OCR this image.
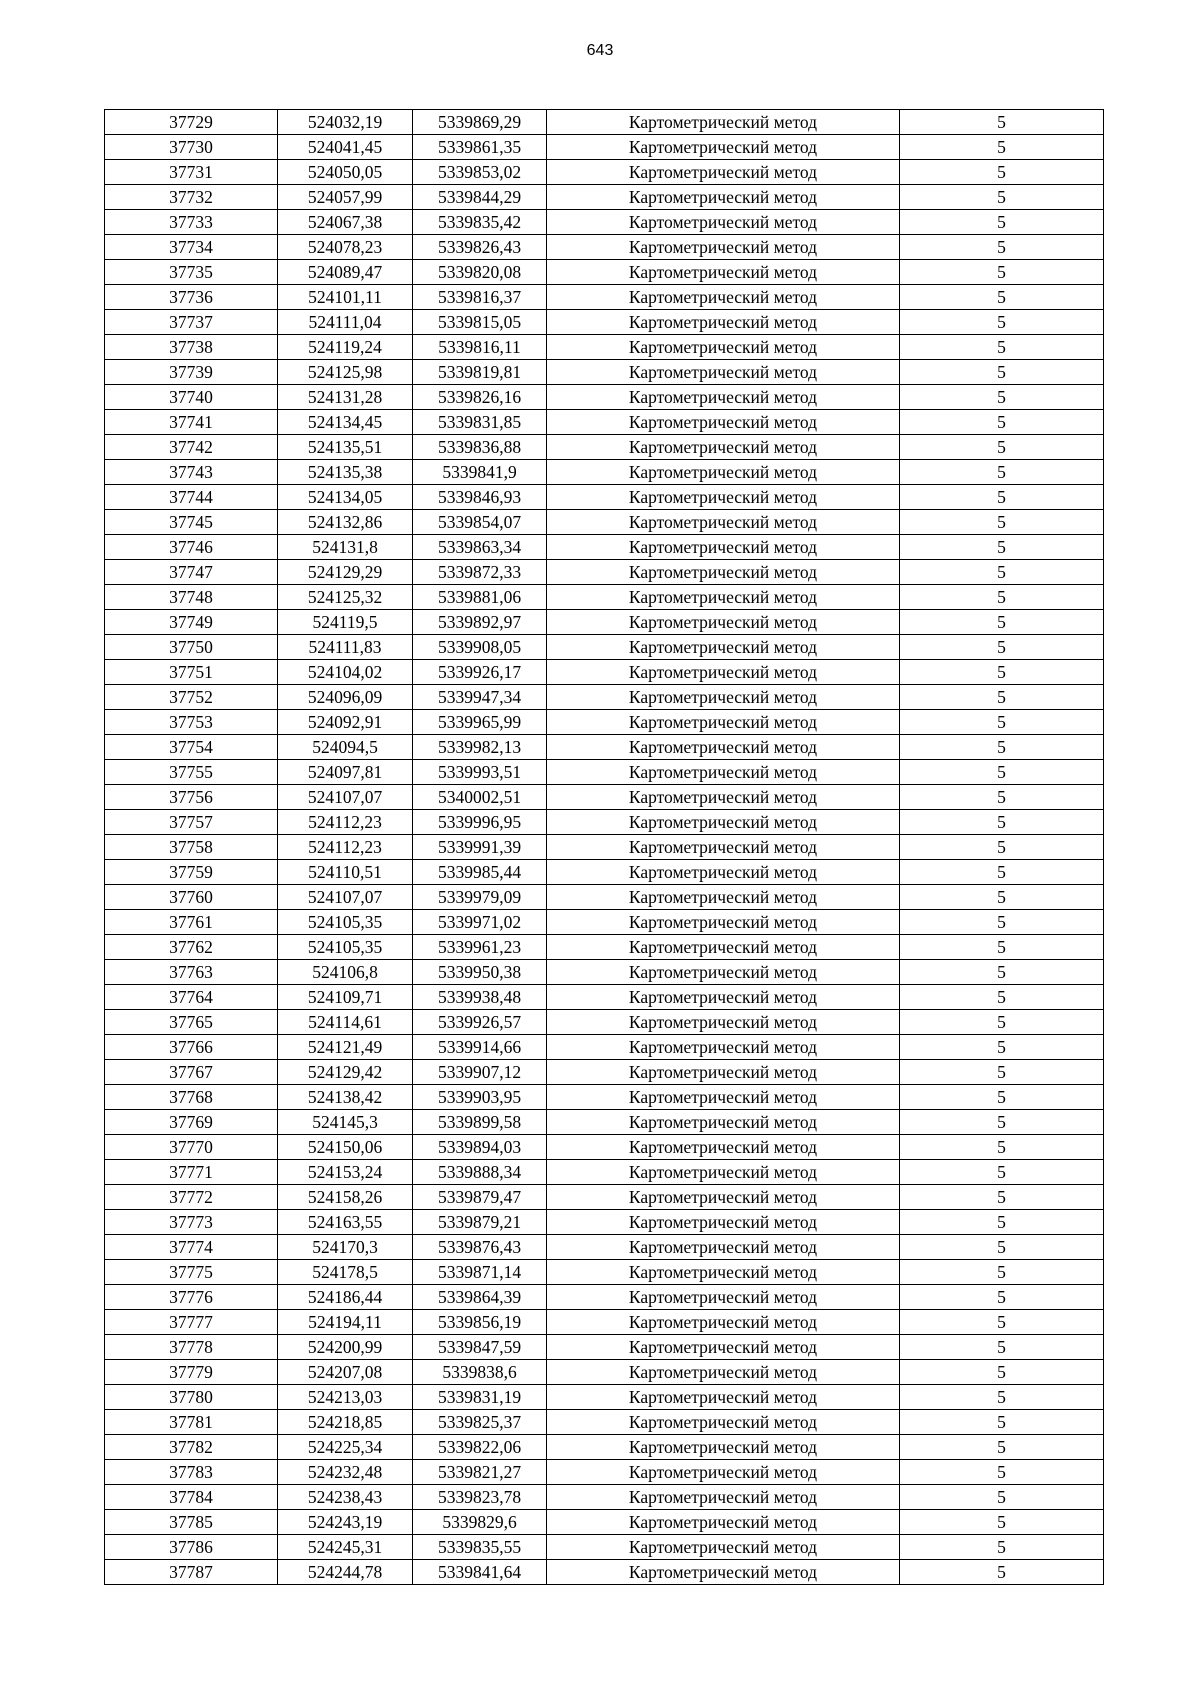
643
37729	524032,19	5339869,29	Картометрический метод	5
37730	524041,45	5339861,35	Картометрический метод	5
37731	524050,05	5339853,02	Картометрический метод	5
37732	524057,99	5339844,29	Картометрический метод	5
37733	524067,38	5339835,42	Картометрический метод	5
37734	524078,23	5339826,43	Картометрический метод	5
37735	524089,47	5339820,08	Картометрический метод	5
37736	524101,11	5339816,37	Картометрический метод	5
37737	524111,04	5339815,05	Картометрический метод	5
37738	524119,24	5339816,11	Картометрический метод	5
37739	524125,98	5339819,81	Картометрический метод	5
37740	524131,28	5339826,16	Картометрический метод	5
37741	524134,45	5339831,85	Картометрический метод	5
37742	524135,51	5339836,88	Картометрический метод	5
37743	524135,38	5339841,9	Картометрический метод	5
37744	524134,05	5339846,93	Картометрический метод	5
37745	524132,86	5339854,07	Картометрический метод	5
37746	524131,8	5339863,34	Картометрический метод	5
37747	524129,29	5339872,33	Картометрический метод	5
37748	524125,32	5339881,06	Картометрический метод	5
37749	524119,5	5339892,97	Картометрический метод	5
37750	524111,83	5339908,05	Картометрический метод	5
37751	524104,02	5339926,17	Картометрический метод	5
37752	524096,09	5339947,34	Картометрический метод	5
37753	524092,91	5339965,99	Картометрический метод	5
37754	524094,5	5339982,13	Картометрический метод	5
37755	524097,81	5339993,51	Картометрический метод	5
37756	524107,07	5340002,51	Картометрический метод	5
37757	524112,23	5339996,95	Картометрический метод	5
37758	524112,23	5339991,39	Картометрический метод	5
37759	524110,51	5339985,44	Картометрический метод	5
37760	524107,07	5339979,09	Картометрический метод	5
37761	524105,35	5339971,02	Картометрический метод	5
37762	524105,35	5339961,23	Картометрический метод	5
37763	524106,8	5339950,38	Картометрический метод	5
37764	524109,71	5339938,48	Картометрический метод	5
37765	524114,61	5339926,57	Картометрический метод	5
37766	524121,49	5339914,66	Картометрический метод	5
37767	524129,42	5339907,12	Картометрический метод	5
37768	524138,42	5339903,95	Картометрический метод	5
37769	524145,3	5339899,58	Картометрический метод	5
37770	524150,06	5339894,03	Картометрический метод	5
37771	524153,24	5339888,34	Картометрический метод	5
37772	524158,26	5339879,47	Картометрический метод	5
37773	524163,55	5339879,21	Картометрический метод	5
37774	524170,3	5339876,43	Картометрический метод	5
37775	524178,5	5339871,14	Картометрический метод	5
37776	524186,44	5339864,39	Картометрический метод	5
37777	524194,11	5339856,19	Картометрический метод	5
37778	524200,99	5339847,59	Картометрический метод	5
37779	524207,08	5339838,6	Картометрический метод	5
37780	524213,03	5339831,19	Картометрический метод	5
37781	524218,85	5339825,37	Картометрический метод	5
37782	524225,34	5339822,06	Картометрический метод	5
37783	524232,48	5339821,27	Картометрический метод	5
37784	524238,43	5339823,78	Картометрический метод	5
37785	524243,19	5339829,6	Картометрический метод	5
37786	524245,31	5339835,55	Картометрический метод	5
37787	524244,78	5339841,64	Картометрический метод	5
